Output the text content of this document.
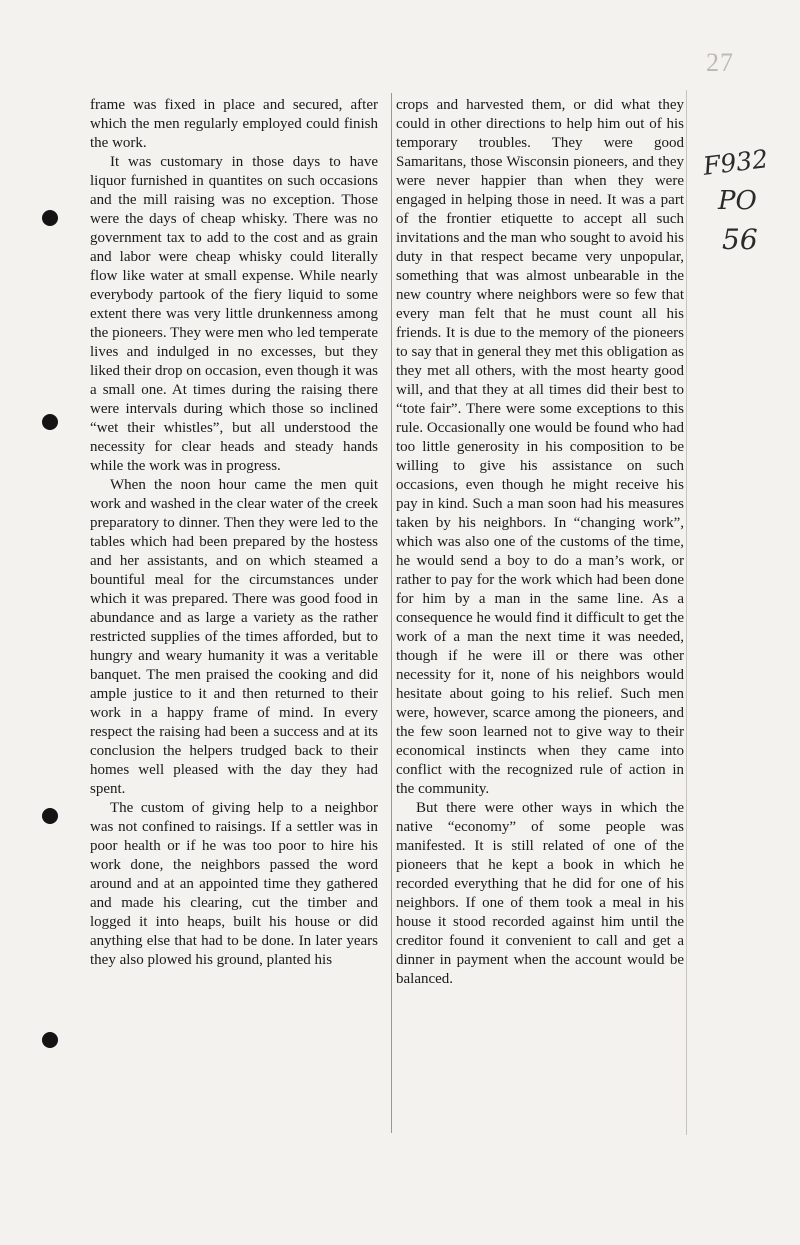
27
F932
PO
56

frame was fixed in place and secured, after which the men regularly employed could finish the work.

It was customary in those days to have liquor furnished in quantites on such occasions and the mill raising was no exception. Those were the days of cheap whisky. There was no government tax to add to the cost and as grain and labor were cheap whisky could literally flow like water at small expense. While nearly everybody partook of the fiery liquid to some extent there was very little drunkenness among the pioneers. They were men who led temperate lives and indulged in no excesses, but they liked their drop on occasion, even though it was a small one. At times during the raising there were intervals during which those so inclined “wet their whistles”, but all understood the necessity for clear heads and steady hands while the work was in progress.

When the noon hour came the men quit work and washed in the clear water of the creek preparatory to dinner. Then they were led to the tables which had been prepared by the hostess and her assistants, and on which steamed a bountiful meal for the circumstances under which it was prepared. There was good food in abundance and as large a variety as the rather restricted supplies of the times afforded, but to hungry and weary humanity it was a veritable banquet. The men praised the cooking and did ample justice to it and then returned to their work in a happy frame of mind. In every respect the raising had been a success and at its conclusion the helpers trudged back to their homes well pleased with the day they had spent.

The custom of giving help to a neighbor was not confined to raisings. If a settler was in poor health or if he was too poor to hire his work done, the neighbors passed the word around and at an appointed time they gathered and made his clearing, cut the timber and logged it into heaps, built his house or did anything else that had to be done. In later years they also plowed his ground, planted his

crops and harvested them, or did what they could in other directions to help him out of his temporary troubles. They were good Samaritans, those Wisconsin pioneers, and they were never happier than when they were engaged in helping those in need. It was a part of the frontier etiquette to accept all such invitations and the man who sought to avoid his duty in that respect became very unpopular, something that was almost unbearable in the new country where neighbors were so few that every man felt that he must count all his friends. It is due to the memory of the pioneers to say that in general they met this obligation as they met all others, with the most hearty good will, and that they at all times did their best to “tote fair”. There were some exceptions to this rule. Occasionally one would be found who had too little generosity in his composition to be willing to give his assistance on such occasions, even though he might receive his pay in kind. Such a man soon had his measures taken by his neighbors. In “changing work”, which was also one of the customs of the time, he would send a boy to do a man’s work, or rather to pay for the work which had been done for him by a man in the same line. As a consequence he would find it difficult to get the work of a man the next time it was needed, though if he were ill or there was other necessity for it, none of his neighbors would hesitate about going to his relief. Such men were, however, scarce among the pioneers, and the few soon learned not to give way to their economical instincts when they came into conflict with the recognized rule of action in the community.

But there were other ways in which the native “economy” of some people was manifested. It is still related of one of the pioneers that he kept a book in which he recorded everything that he did for one of his neighbors. If one of them took a meal in his house it stood recorded against him until the creditor found it convenient to call and get a dinner in payment when the account would be balanced.
